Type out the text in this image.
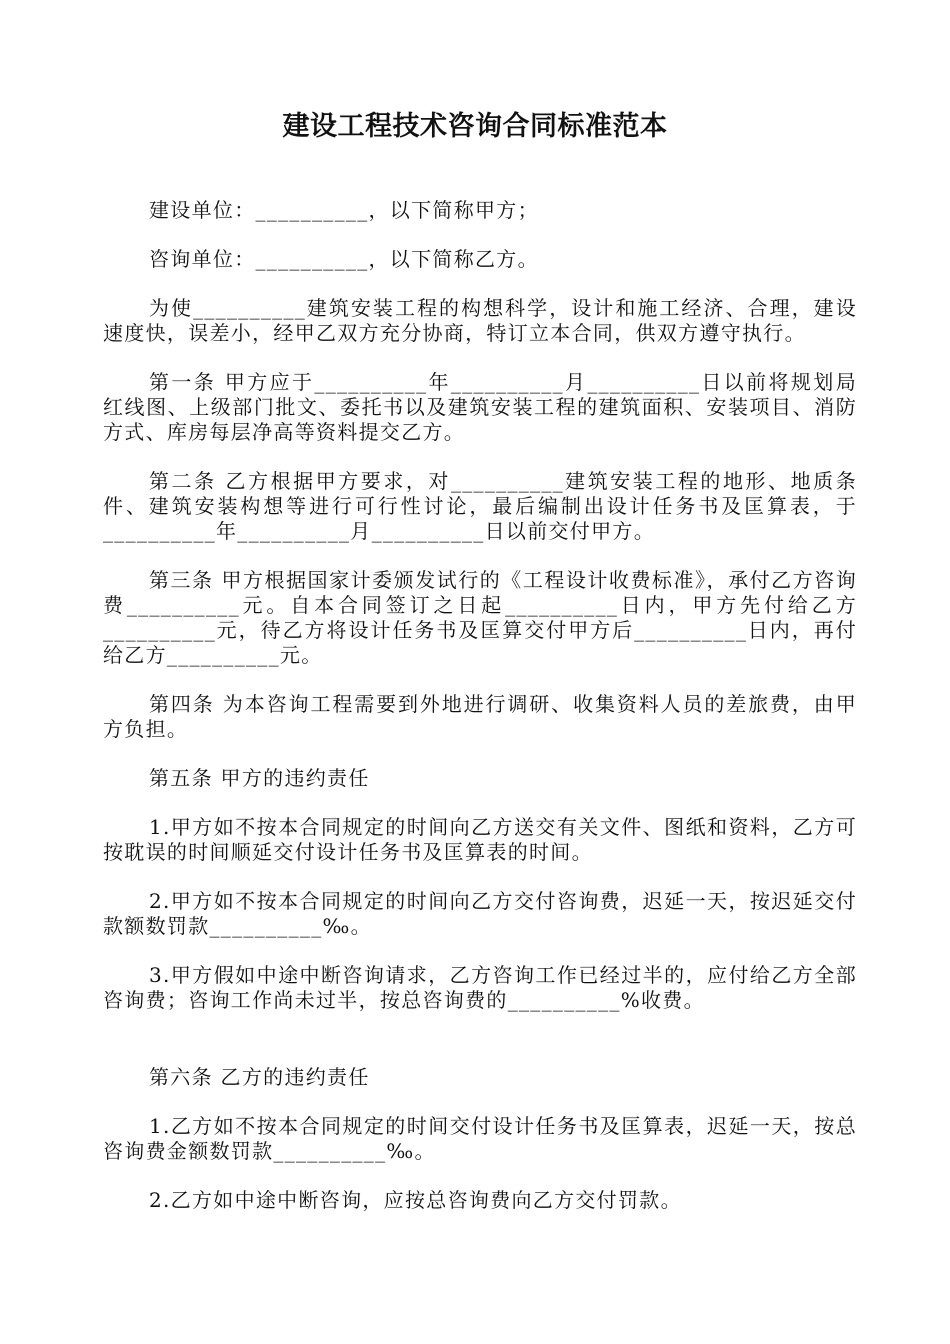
建设工程技术咨询合同标准范本

建设单位：__________，以下简称甲方；

咨询单位：__________，以下简称乙方。

为使__________建筑安装工程的构想科学，设计和施工经济、合理，建设速度快，误差小，经甲乙双方充分协商，特订立本合同，供双方遵守执行。

第一条 甲方应于__________年__________月__________日以前将规划局红线图、上级部门批文、委托书以及建筑安装工程的建筑面积、安装项目、消防方式、库房每层净高等资料提交乙方。

第二条 乙方根据甲方要求，对__________建筑安装工程的地形、地质条件、建筑安装构想等进行可行性讨论，最后编制出设计任务书及匡算表，于__________年__________月__________日以前交付甲方。

第三条 甲方根据国家计委颁发试行的《工程设计收费标准》，承付乙方咨询费__________元。自本合同签订之日起__________日内，甲方先付给乙方__________元，待乙方将设计任务书及匡算交付甲方后__________日内，再付给乙方__________元。

第四条 为本咨询工程需要到外地进行调研、收集资料人员的差旅费，由甲方负担。

第五条 甲方的违约责任

1.甲方如不按本合同规定的时间向乙方送交有关文件、图纸和资料，乙方可按耽误的时间顺延交付设计任务书及匡算表的时间。

2.甲方如不按本合同规定的时间向乙方交付咨询费，迟延一天，按迟延交付款额数罚款__________‰。

3.甲方假如中途中断咨询请求，乙方咨询工作已经过半的，应付给乙方全部咨询费；咨询工作尚未过半，按总咨询费的__________%收费。

第六条 乙方的违约责任

1.乙方如不按本合同规定的时间交付设计任务书及匡算表，迟延一天，按总咨询费金额数罚款__________‰。

2.乙方如中途中断咨询，应按总咨询费向乙方交付罚款。
